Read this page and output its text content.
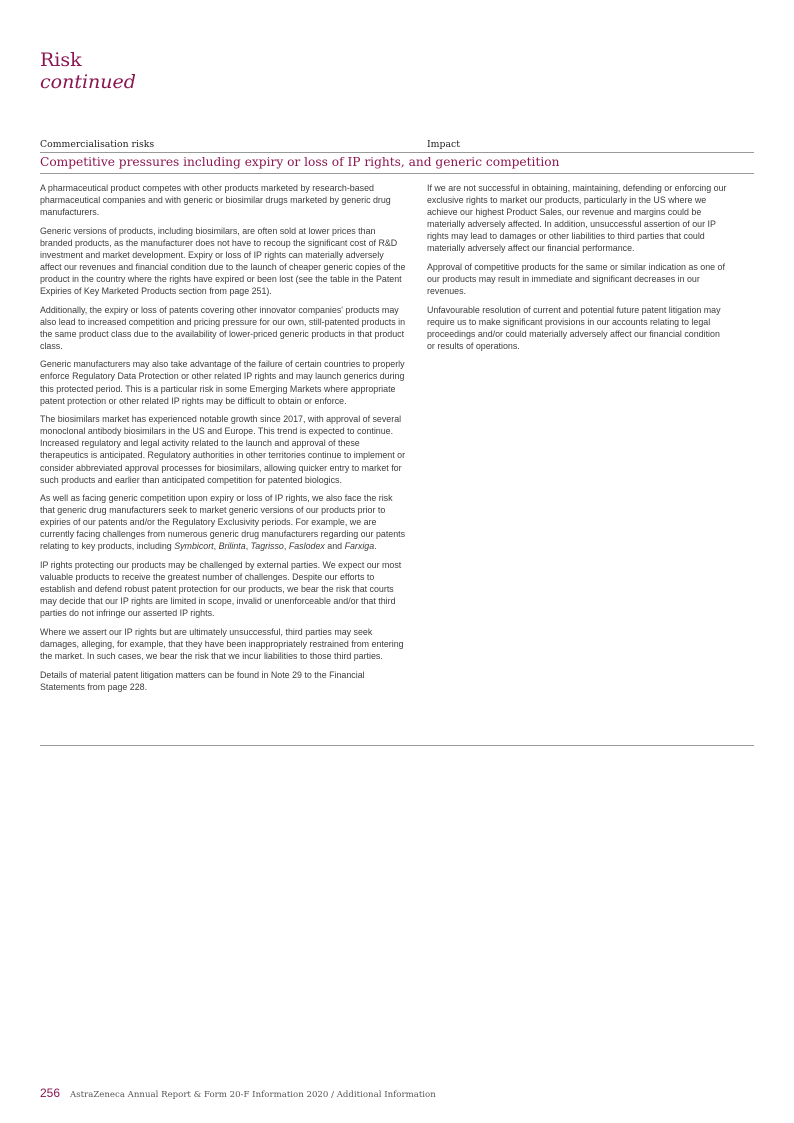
Risk
continued
Commercialisation risks	Impact
Competitive pressures including expiry or loss of IP rights, and generic competition

A pharmaceutical product competes with other products marketed by research-based pharmaceutical companies and with generic or biosimilar drugs marketed by generic drug manufacturers.

Generic versions of products, including biosimilars, are often sold at lower prices than branded products, as the manufacturer does not have to recoup the significant cost of R&D investment and market development. Expiry or loss of IP rights can materially adversely affect our revenues and financial condition due to the launch of cheaper generic copies of the product in the country where the rights have expired or been lost (see the table in the Patent Expiries of Key Marketed Products section from page 251).

Additionally, the expiry or loss of patents covering other innovator companies' products may also lead to increased competition and pricing pressure for our own, still-patented products in the same product class due to the availability of lower-priced generic products in that product class.

Generic manufacturers may also take advantage of the failure of certain countries to properly enforce Regulatory Data Protection or other related IP rights and may launch generics during this protected period. This is a particular risk in some Emerging Markets where appropriate patent protection or other related IP rights may be difficult to obtain or enforce.

The biosimilars market has experienced notable growth since 2017, with approval of several monoclonal antibody biosimilars in the US and Europe. This trend is expected to continue. Increased regulatory and legal activity related to the launch and approval of these therapeutics is anticipated. Regulatory authorities in other territories continue to implement or consider abbreviated approval processes for biosimilars, allowing quicker entry to market for such products and earlier than anticipated competition for patented biologics.

As well as facing generic competition upon expiry or loss of IP rights, we also face the risk that generic drug manufacturers seek to market generic versions of our products prior to expiries of our patents and/or the Regulatory Exclusivity periods. For example, we are currently facing challenges from numerous generic drug manufacturers regarding our patents relating to key products, including Symbicort, Brilinta, Tagrisso, Faslodex and Farxiga.

IP rights protecting our products may be challenged by external parties. We expect our most valuable products to receive the greatest number of challenges. Despite our efforts to establish and defend robust patent protection for our products, we bear the risk that courts may decide that our IP rights are limited in scope, invalid or unenforceable and/or that third parties do not infringe our asserted IP rights.

Where we assert our IP rights but are ultimately unsuccessful, third parties may seek damages, alleging, for example, that they have been inappropriately restrained from entering the market. In such cases, we bear the risk that we incur liabilities to those third parties.

Details of material patent litigation matters can be found in Note 29 to the Financial Statements from page 228.

If we are not successful in obtaining, maintaining, defending or enforcing our exclusive rights to market our products, particularly in the US where we achieve our highest Product Sales, our revenue and margins could be materially adversely affected. In addition, unsuccessful assertion of our IP rights may lead to damages or other liabilities to third parties that could materially adversely affect our financial performance.

Approval of competitive products for the same or similar indication as one of our products may result in immediate and significant decreases in our revenues.

Unfavourable resolution of current and potential future patent litigation may require us to make significant provisions in our accounts relating to legal proceedings and/or could materially adversely affect our financial condition or results of operations.

256 AstraZeneca Annual Report & Form 20-F Information 2020 / Additional Information
